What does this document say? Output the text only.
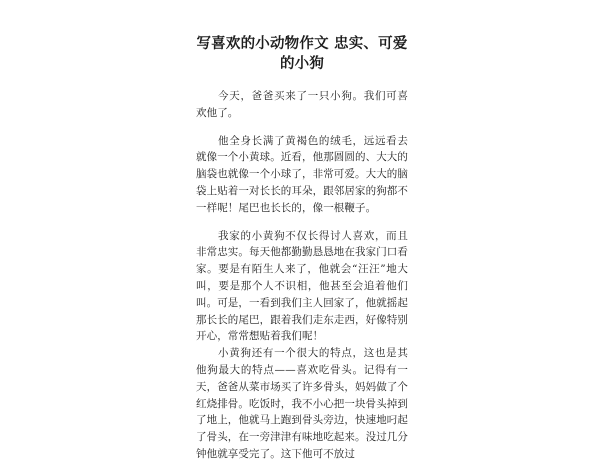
写喜欢的小动物作文 忠实、可爱的小狗

今天，爸爸买来了一只小狗。我们可喜欢他了。

他全身长满了黄褐色的绒毛，远远看去就像一个小黄球。近看，他那圆圆的、大大的脑袋也就像一个小球了，非常可爱。大大的脑袋上贴着一对长长的耳朵，跟邻居家的狗都不一样呢！尾巴也长长的，像一根鞭子。

我家的小黄狗不仅长得讨人喜欢，而且非常忠实。每天他都勤勤恳恳地在我家门口看家。要是有陌生人来了，他就会“汪汪”地大叫，要是那个人不识相，他甚至会追着他们叫。可是，一看到我们主人回家了，他就摇起那长长的尾巴，跟着我们走东走西，好像特别开心，常常想贴着我们呢！

小黄狗还有一个很大的特点，这也是其他狗最大的特点——喜欢吃骨头。记得有一天，爸爸从菜市场买了许多骨头，妈妈做了个红烧排骨。吃饭时，我不小心把一块骨头掉到了地上，他就马上跑到骨头旁边，快速地叼起了骨头，在一旁津津有味地吃起来。没过几分钟他就享受完了。这下他可不放过
